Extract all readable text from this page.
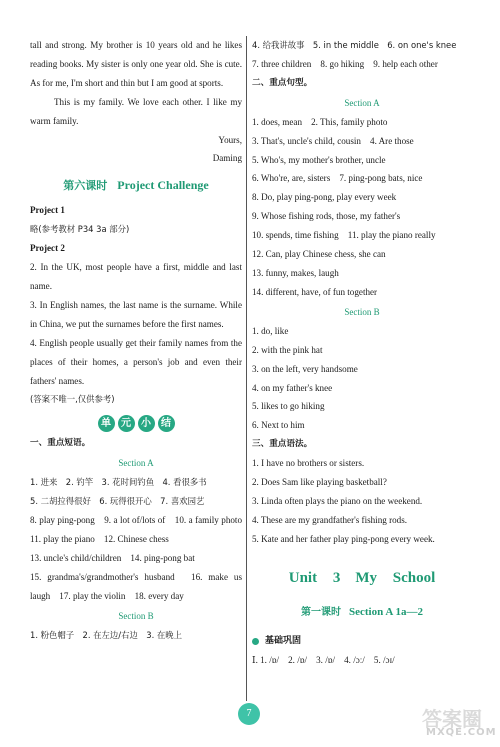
tall and strong. My brother is 10 years old and he likes reading books. My sister is only one year old. She is cute. As for me, I'm short and thin but I am good at sports.
This is my family. We love each other. I like my warm family.
Yours,
Daming
第六课时 Project Challenge
Project 1
略(参考教材 P34 3a 部分)
Project 2
2. In the UK, most people have a first, middle and last name.
3. In English names, the last name is the surname. While in China, we put the surnames before the first names.
4. English people usually get their family names from the places of their homes, a person's job and even their fathers' names.
(答案不唯一,仅供参考)
单	元	小	结
一、重点短语。
Section A
1. 进来　2. 钓竿　3. 花时间钓鱼　4. 看很多书
5. 二胡拉得很好　6. 玩得很开心　7. 喜欢园艺
8. play ping-pong　9. a lot of/lots of　10. a family photo　11. play the piano　12. Chinese chess
13. uncle's child/children　14. ping-pong bat
15. grandma's/grandmother's husband　16. make us laugh　17. play the violin　18. every day
Section B
1. 粉色帽子　2. 在左边/右边　3. 在晚上
4. 给我讲故事　5. in the middle　6. on one's knee
7. three children　8. go hiking　9. help each other
二、重点句型。
Section A
1. does, mean　2. This, family photo
3. That's, uncle's child, cousin　4. Are those
5. Who's, my mother's brother, uncle
6. Who're, are, sisters　7. ping-pong bats, nice
8. Do, play ping-pong, play every week
9. Whose fishing rods, those, my father's
10. spends, time fishing　11. play the piano really
12. Can, play Chinese chess, she can
13. funny, makes, laugh
14. different, have, of fun together
Section B
1. do, like
2. with the pink hat
3. on the left, very handsome
4. on my father's knee
5. likes to go hiking
6. Next to him
三、重点语法。
1. I have no brothers or sisters.
2. Does Sam like playing basketball?
3. Linda often plays the piano on the weekend.
4. These are my grandfather's fishing rods.
5. Kate and her father play ping-pong every week.
Unit 3　My School
第一课时 Section A 1a—2
基础巩固
Ⅰ. 1. /ɒ/　2. /ɒ/　3. /ɒ/　4. /ɔː/　5. /ɔɪ/
7	答案圈
MXQE.COM
